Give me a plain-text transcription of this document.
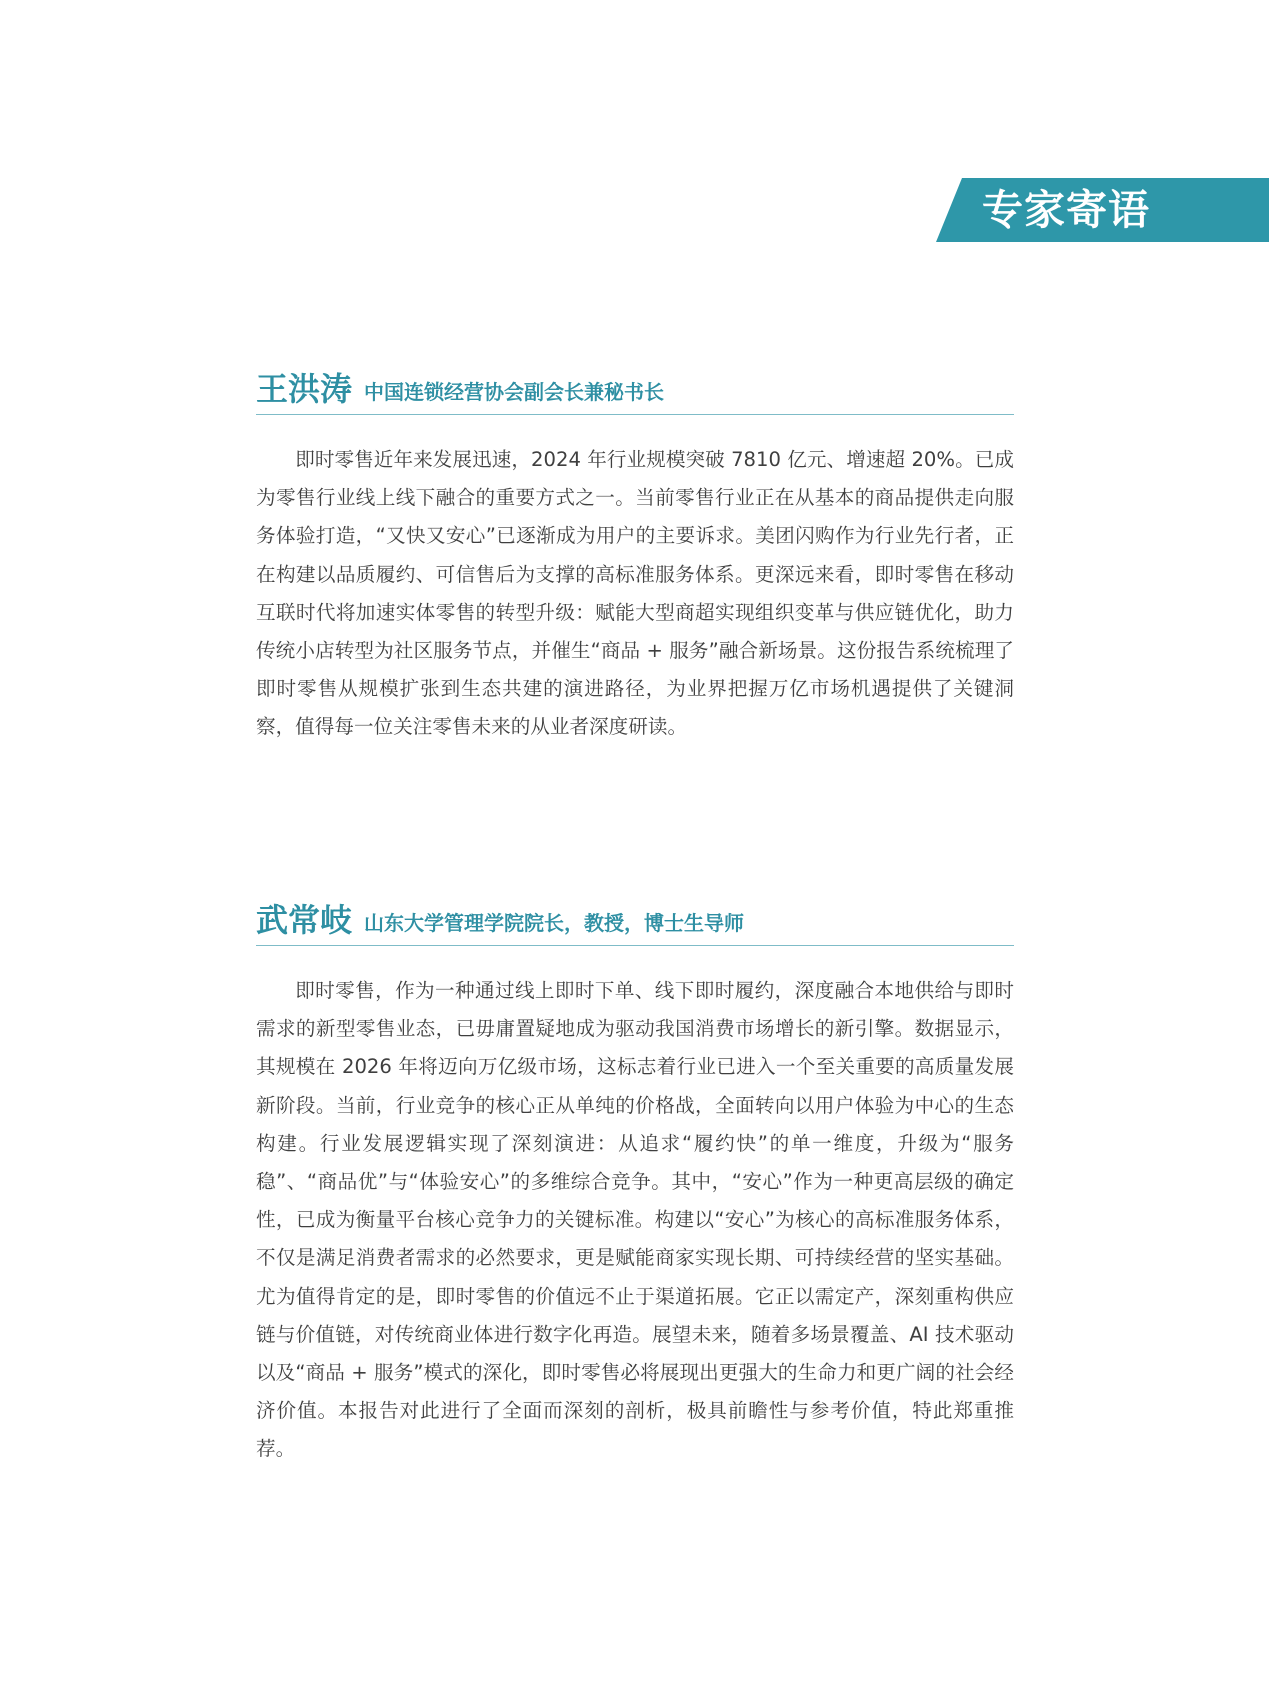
专家寄语
王洪涛 中国连锁经营协会副会长兼秘书长
即时零售近年来发展迅速，2024 年行业规模突破 7810 亿元、增速超 20%。已成为零售行业线上线下融合的重要方式之一。当前零售行业正在从基本的商品提供走向服务体验打造，“又快又安心”已逐渐成为用户的主要诉求。美团闪购作为行业先行者，正在构建以品质履约、可信售后为支撑的高标准服务体系。更深远来看，即时零售在移动互联时代将加速实体零售的转型升级：赋能大型商超实现组织变革与供应链优化，助力传统小店转型为社区服务节点，并催生“商品 + 服务”融合新场景。这份报告系统梳理了即时零售从规模扩张到生态共建的演进路径，为业界把握万亿市场机遇提供了关键洞察，值得每一位关注零售未来的从业者深度研读。
武常岐 山东大学管理学院院长，教授，博士生导师
即时零售，作为一种通过线上即时下单、线下即时履约，深度融合本地供给与即时需求的新型零售业态，已毋庸置疑地成为驱动我国消费市场增长的新引擎。数据显示，其规模在 2026 年将迈向万亿级市场，这标志着行业已进入一个至关重要的高质量发展新阶段。当前，行业竞争的核心正从单纯的价格战，全面转向以用户体验为中心的生态构建。行业发展逻辑实现了深刻演进：从追求“履约快”的单一维度，升级为“服务稳”、“商品优”与“体验安心”的多维综合竞争。其中，“安心”作为一种更高层级的确定性，已成为衡量平台核心竞争力的关键标准。构建以“安心”为核心的高标准服务体系，不仅是满足消费者需求的必然要求，更是赋能商家实现长期、可持续经营的坚实基础。尤为值得肯定的是，即时零售的价值远不止于渠道拓展。它正以需定产，深刻重构供应链与价值链，对传统商业体进行数字化再造。展望未来，随着多场景覆盖、AI 技术驱动以及“商品 + 服务”模式的深化，即时零售必将展现出更强大的生命力和更广阔的社会经济价值。本报告对此进行了全面而深刻的剖析，极具前瞻性与参考价值，特此郑重推荐。
